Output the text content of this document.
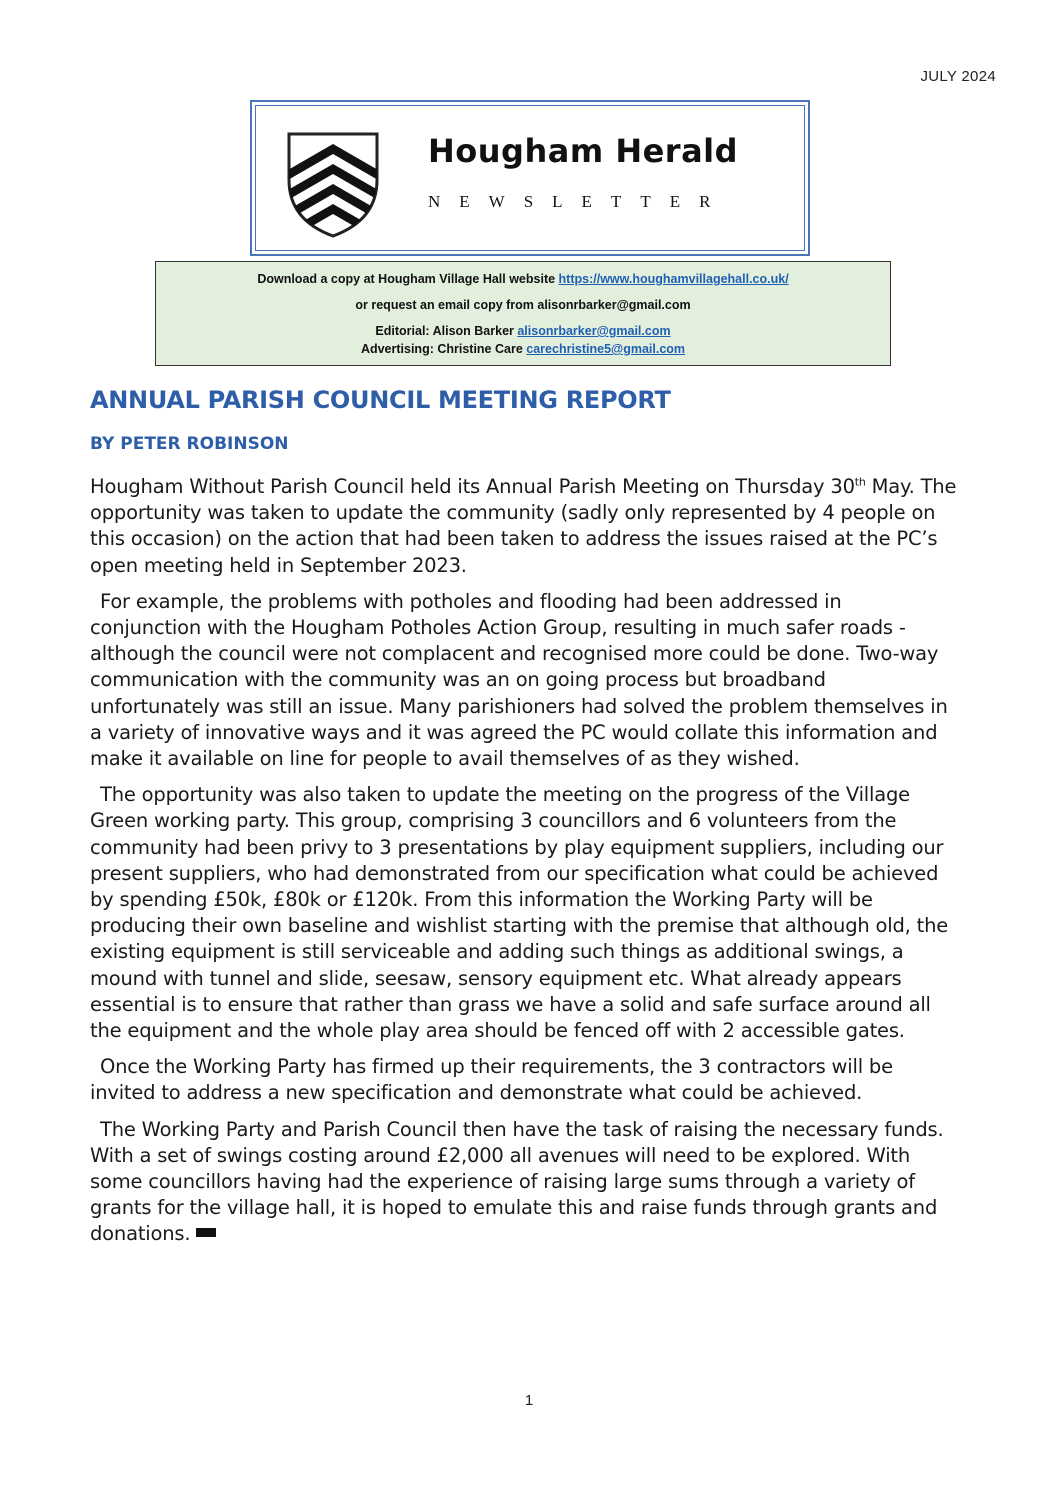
JULY 2024
Hougham Herald
NEWSLETTER
Download a copy at Hougham Village Hall website https://www.houghamvillagehall.co.uk/
or request an email copy from alisonrbarker@gmail.com
Editorial: Alison Barker alisonrbarker@gmail.com
Advertising: Christine Care carechristine5@gmail.com
ANNUAL PARISH COUNCIL MEETING REPORT
BY PETER ROBINSON

Hougham Without Parish Council held its Annual Parish Meeting on Thursday 30th May. The opportunity was taken to update the community (sadly only represented by 4 people on this occasion) on the action that had been taken to address the issues raised at the PC’s open meeting held in September 2023.

For example, the problems with potholes and flooding had been addressed in conjunction with the Hougham Potholes Action Group, resulting in much safer roads - although the council were not complacent and recognised more could be done. Two-way communication with the community was an on going process but broadband unfortunately was still an issue. Many parishioners had solved the problem themselves in a variety of innovative ways and it was agreed the PC would collate this information and make it available on line for people to avail themselves of as they wished.

The opportunity was also taken to update the meeting on the progress of the Village Green working party. This group, comprising 3 councillors and 6 volunteers from the community had been privy to 3 presentations by play equipment suppliers, including our present suppliers, who had demonstrated from our specification what could be achieved by spending £50k, £80k or £120k. From this information the Working Party will be producing their own baseline and wishlist starting with the premise that although old, the existing equipment is still serviceable and adding such things as additional swings, a mound with tunnel and slide, seesaw, sensory equipment etc. What already appears essential is to ensure that rather than grass we have a solid and safe surface around all the equipment and the whole play area should be fenced off with 2 accessible gates.

Once the Working Party has firmed up their requirements, the 3 contractors will be invited to address a new specification and demonstrate what could be achieved.

The Working Party and Parish Council then have the task of raising the necessary funds. With a set of swings costing around £2,000 all avenues will need to be explored. With some councillors having had the experience of raising large sums through a variety of grants for the village hall, it is hoped to emulate this and raise funds through grants and donations.

1
